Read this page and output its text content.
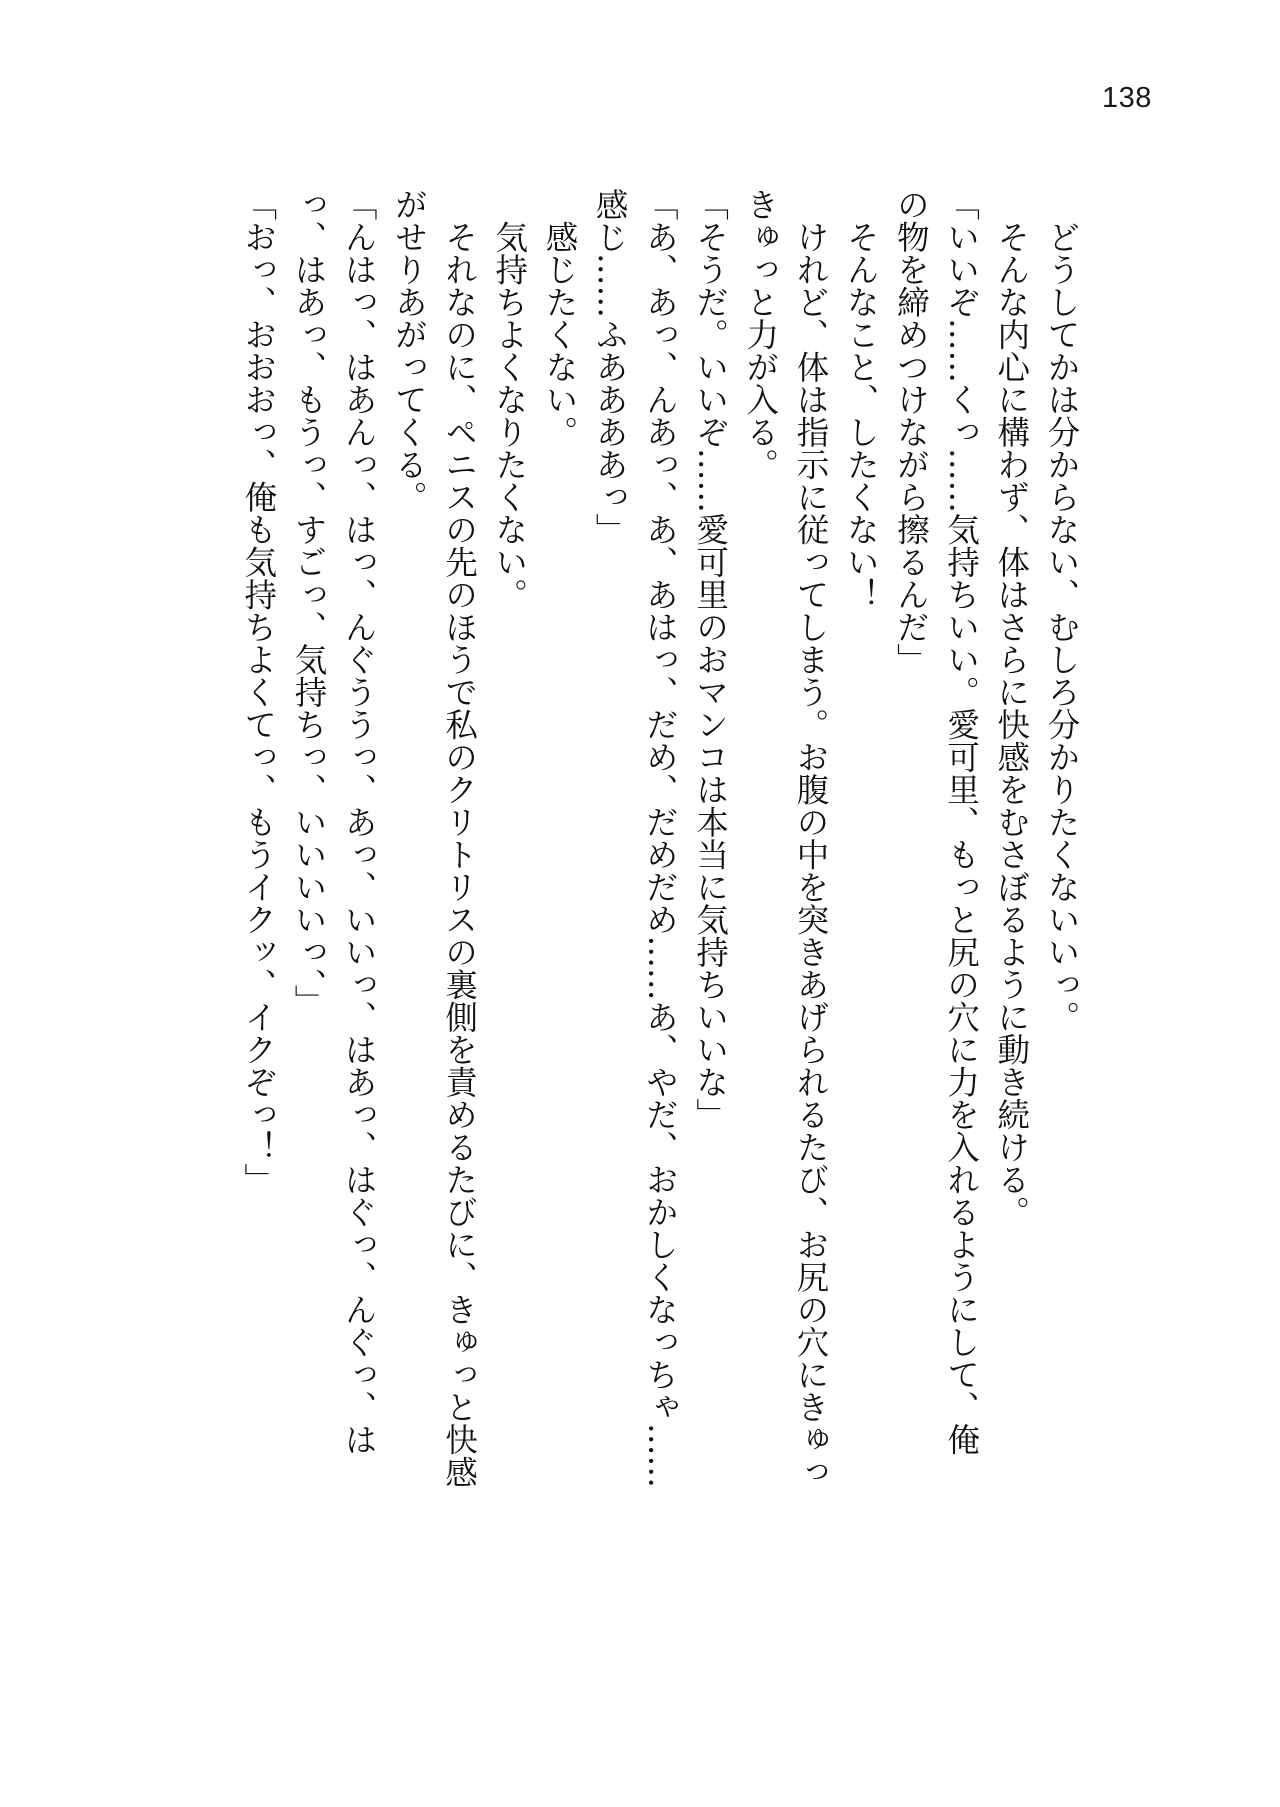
138
　どうしてかは分からない、むしろ分かりたくないいっ。
　そんな内心に構わず、体はさらに快感をむさぼるように動き続ける。
「いいぞ……くっ……気持ちいい。愛可里、もっと尻の穴に力を入れるようにして、俺
の物を締めつけながら擦るんだ」
　そんなこと、したくない！
　けれど、体は指示に従ってしまう。お腹の中を突きあげられるたび、お尻の穴にきゅっ
きゅっと力が入る。
「そうだ。いいぞ……愛可里のおマンコは本当に気持ちいいな」
「あ、あっ、んあっ、あ、あはっ、だめ、だめだめ……あ、やだ、おかしくなっちゃ……
感じ……ふああああっ」
　感じたくない。
　気持ちよくなりたくない。
　それなのに、ペニスの先のほうで私のクリトリスの裏側を責めるたびに、きゅっと快感
がせりあがってくる。
「んはっ、はあんっ、はっ、んぐううっ、あっ、いいっ、はあっ、はぐっ、んぐっ、は
っ、はあっ、もうっ、すごっ、気持ちっ、いいいいっ、」
「おっ、おおおっ、俺も気持ちよくてっ、もうイクッ、イクぞっ！」
